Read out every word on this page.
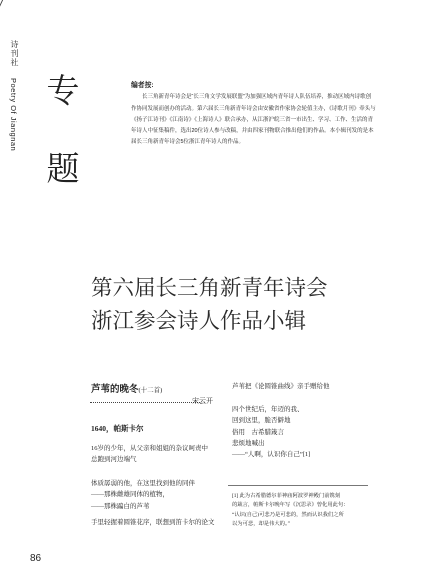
诗刊社
Poetry Of Jiangnan 专
题
编者按:

长三角新青年诗会是“长三角文学发展联盟”为加强区域内青年诗人队伍培养，推动区域内诗歌创作协同发展而创办的活动。第六届长三角新青年诗会由安徽省作家协会轮值主办，《诗歌月刊》牵头与《扬子江诗刊》《江南诗》《上海诗人》联合承办，从江浙沪皖三省一市出生、学习、工作、生活的青年诗人中征集稿件，选出20位诗人参与改稿，并由四家刊物联合推出他们的作品。本小辑刊发的是本届长三角新青年诗会5位浙江青年诗人的作品。

第六届长三角新青年诗会
浙江参会诗人作品小辑
芦苇的晚冬(十二首)
宋云开
1640，帕斯卡尔
16岁的少年，从父亲和姐姐的杂议呵责中
总跑到河边端气
体质孱弱的他，在这里找到他的同伴
——那株雌雄同体的植物，
——那株蹁白的芦苇
手里轻握着圆锥花序，联想到笛卡尔的论文
芦苇把《论圆锥曲线》亲手赠给他
四个世纪后，年迈的我、
回到这里，脆否僻地
俗用　古希腊箴言
悲烦地喊出
——“人啊，认识你自己”[1]
[1] 此为古希腊德尔菲神庙阿波罗神殿门前镌刻
的箴言，帕斯卡尔晚年写《沉思录》曾化用此句：
“认识(自己)可悲乃是可悲的，然而认识我们之所
以为可悲，却是伟大的。”
86
